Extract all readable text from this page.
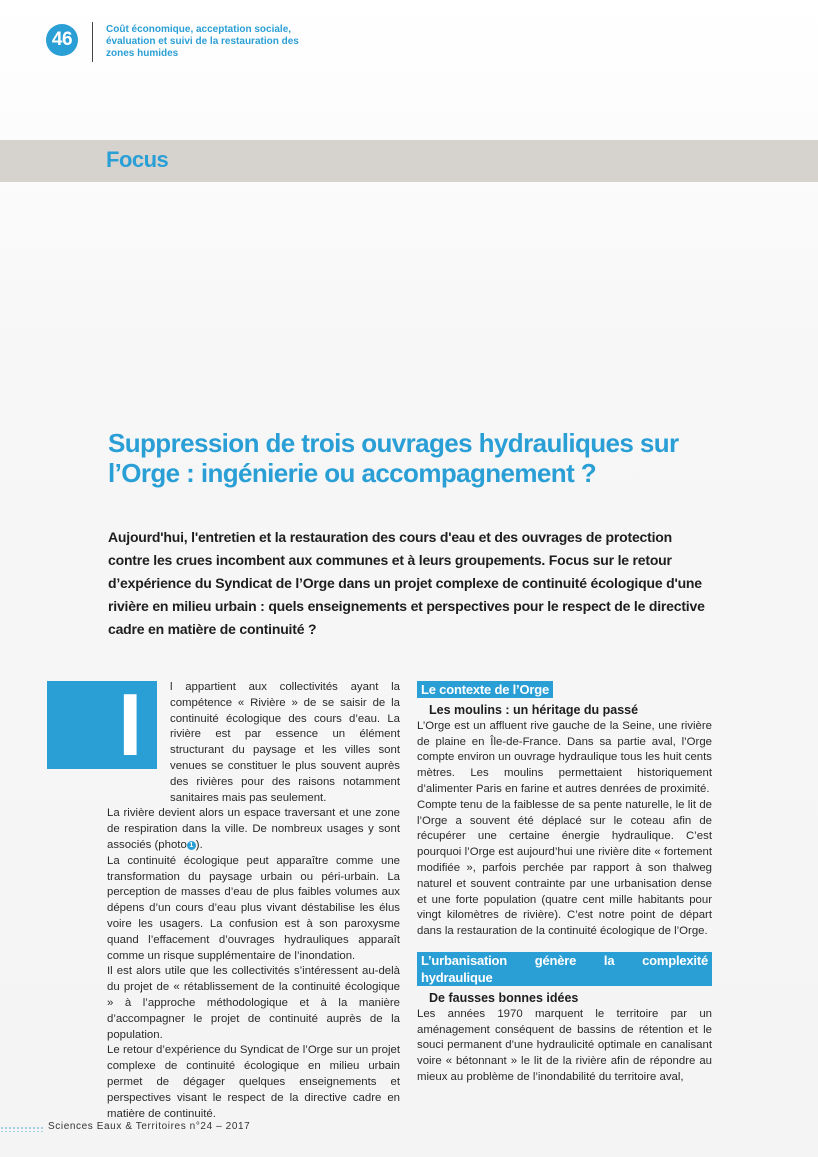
46	Coût économique, acceptation sociale, évaluation et suivi de la restauration des zones humides
Focus
Suppression de trois ouvrages hydrauliques sur l’Orge : ingénierie ou accompagnement ?
Aujourd'hui, l'entretien et la restauration des cours d'eau et des ouvrages de protection contre les crues incombent aux communes et à leurs groupements. Focus sur le retour d’expérience du Syndicat de l’Orge dans un projet complexe de continuité écologique d'une rivière en milieu urbain : quels enseignements et perspectives pour le respect de le directive cadre en matière de continuité ?
I	l appartient aux collectivités ayant la compétence « Rivière » de se saisir de la continuité écologique des cours d’eau. La rivière est par essence un élément structurant du paysage et les villes sont venues se constituer le plus souvent auprès des rivières pour des raisons notamment sanitaires mais pas seulement.

La rivière devient alors un espace traversant et une zone de respiration dans la ville. De nombreux usages y sont associés (photo 1 ).

La continuité écologique peut apparaître comme une transformation du paysage urbain ou péri-urbain. La perception de masses d’eau de plus faibles volumes aux dépens d’un cours d’eau plus vivant déstabilise les élus voire les usagers. La confusion est à son paroxysme quand l’effacement d’ouvrages hydrauliques apparaît comme un risque supplémentaire de l’inondation.

Il est alors utile que les collectivités s’intéressent au-delà du projet de « rétablissement de la continuité écologique » à l’approche méthodologique et à la manière d’accompagner le projet de continuité auprès de la population.

Le retour d’expérience du Syndicat de l’Orge sur un projet complexe de continuité écologique en milieu urbain permet de dégager quelques enseignements et perspectives visant le respect de la directive cadre en matière de continuité.

Le contexte de l’Orge
Les moulins : un héritage du passé

L’Orge est un affluent rive gauche de la Seine, une rivière de plaine en Île-de-France. Dans sa partie aval, l’Orge compte environ un ouvrage hydraulique tous les huit cents mètres. Les moulins permettaient historiquement d’alimenter Paris en farine et autres denrées de proximité.

Compte tenu de la faiblesse de sa pente naturelle, le lit de l’Orge a souvent été déplacé sur le coteau afin de récupérer une certaine énergie hydraulique. C’est pourquoi l’Orge est aujourd’hui une rivière dite « fortement modifiée », parfois perchée par rapport à son thalweg naturel et souvent contrainte par une urbanisation dense et une forte population (quatre cent mille habitants pour vingt kilomètres de rivière). C’est notre point de départ dans la restauration de la continuité écologique de l’Orge.

L’urbanisation génère la complexité hydraulique
De fausses bonnes idées

Les années 1970 marquent le territoire par un aménagement conséquent de bassins de rétention et le souci permanent d’une hydraulicité optimale en canalisant voire « bétonnant » le lit de la rivière afin de répondre au mieux au problème de l’inondabilité du territoire aval,

Sciences Eaux & Territoires n°24 – 2017
